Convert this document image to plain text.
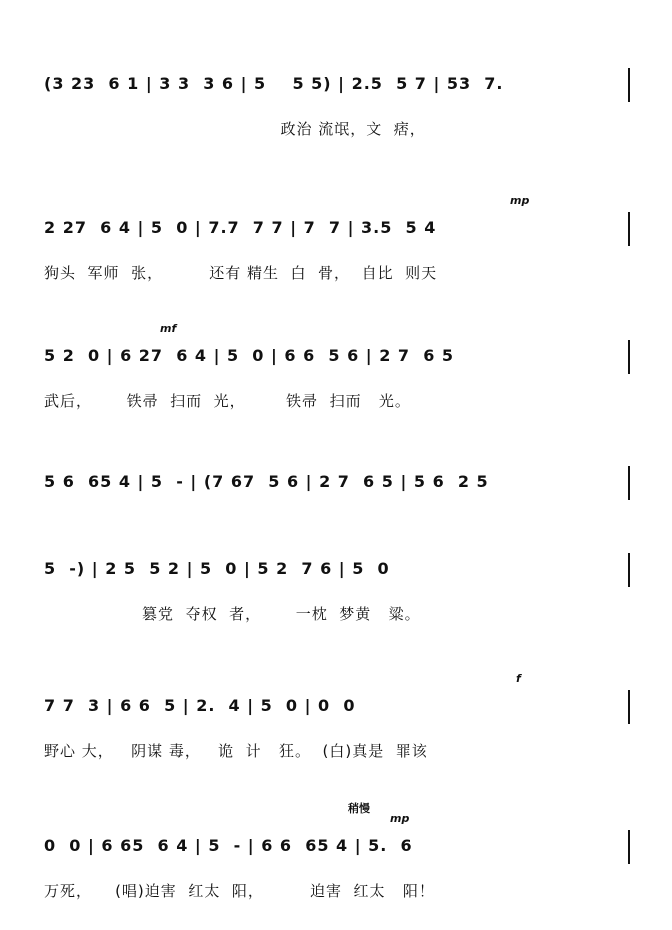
(3 23  6 1 | 3 3  3 6 | 5    5 5) | 2.5  5 7 | 53  7.
政治 流氓，文  痞，
2 27  6 4 | 5  0 | 7.7  7 7 | 7  7 | 3.5  5 4
狗头  军师  张，        还有 精生  白  骨，  自比  则天
mp
5 2  0 | 6 27  6 4 | 5  0 | 6 6  5 6 | 2 7  6 5
武后，      铁帚  扫而  光，       铁帚  扫而   光。
mf
5 6  65 4 | 5  - | (7 67  5 6 | 2 7  6 5 | 5 6  2 5
5  -) | 2 5  5 2 | 5  0 | 5 2  7 6 | 5  0
篡党  夺权  者，      一枕  梦黄   粱。
7 7  3 | 6 6  5 | 2.  4 | 5  0 | 0  0
野心 大，   阴谋 毒，   诡  计   狂。  (白)真是  罪该
f
0  0 | 6 65  6 4 | 5  - | 6 6  65 4 | 5.  6
万死，    (唱)迫害  红太  阳，        迫害  红太   阳！
mp
稍慢
